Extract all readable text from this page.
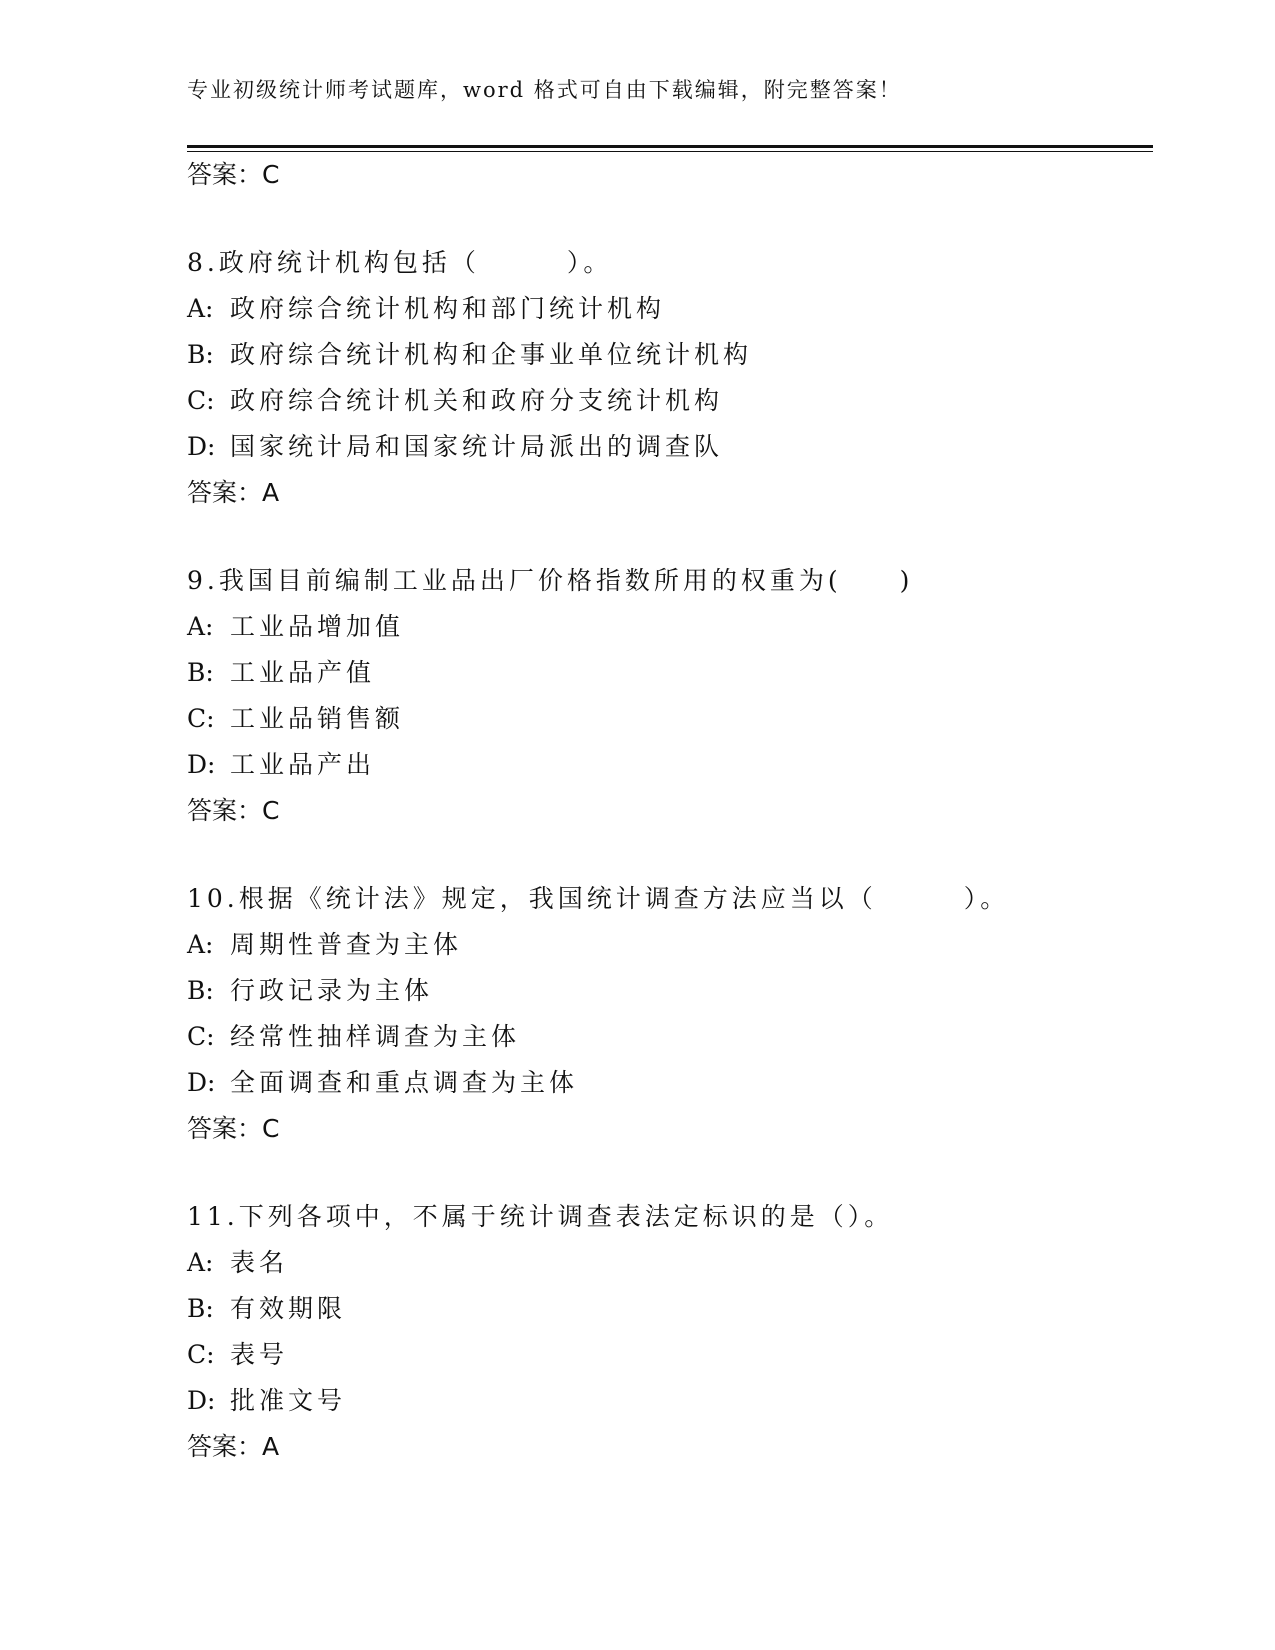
专业初级统计师考试题库，word 格式可自由下载编辑，附完整答案！
答案：C
8.政府统计机构包括（　　　）。
A: 政府综合统计机构和部门统计机构
B: 政府综合统计机构和企事业单位统计机构
C: 政府综合统计机关和政府分支统计机构
D: 国家统计局和国家统计局派出的调查队
答案：A
9.我国目前编制工业品出厂价格指数所用的权重为(　　)
A: 工业品增加值
B: 工业品产值
C: 工业品销售额
D: 工业品产出
答案：C
10.根据《统计法》规定，我国统计调查方法应当以（　　　）。
A: 周期性普查为主体
B: 行政记录为主体
C: 经常性抽样调查为主体
D: 全面调查和重点调查为主体
答案：C
11.下列各项中，不属于统计调查表法定标识的是（）。
A: 表名
B: 有效期限
C: 表号
D: 批准文号
答案：A
